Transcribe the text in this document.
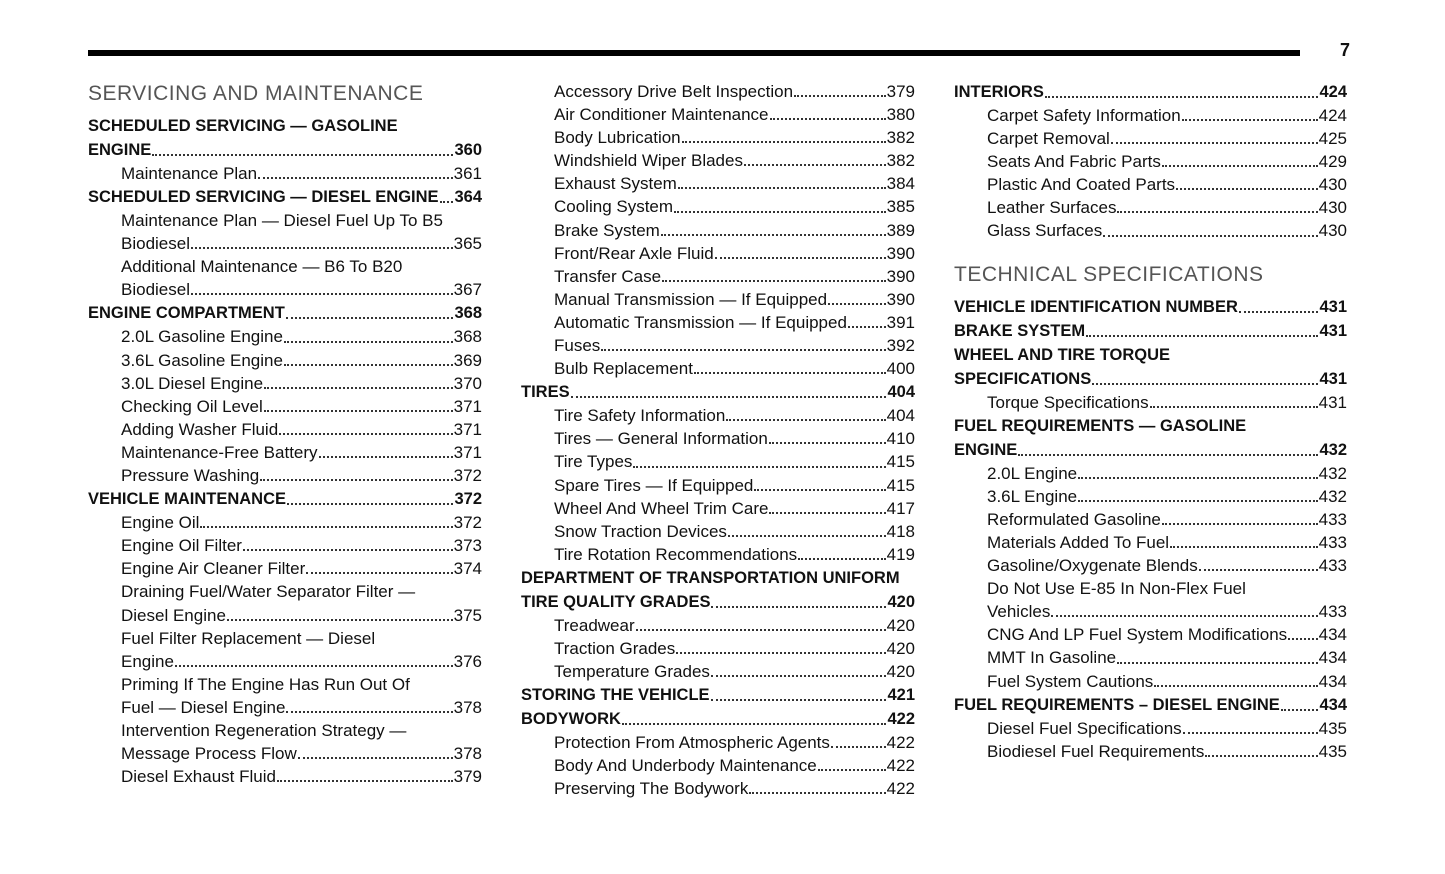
7
SERVICING AND MAINTENANCE
SCHEDULED SERVICING — GASOLINE
ENGINE	360
Maintenance Plan	361
SCHEDULED SERVICING — DIESEL ENGINE 364
Maintenance Plan — Diesel Fuel Up To B5
Biodiesel	365
Additional Maintenance — B6 To B20
Biodiesel	367
ENGINE COMPARTMENT	368
2.0L Gasoline Engine	368
3.6L Gasoline Engine	369
3.0L Diesel Engine	370
Checking Oil Level	371
Adding Washer Fluid	371
Maintenance-Free Battery	371
Pressure Washing	372
VEHICLE MAINTENANCE	372
Engine Oil	372
Engine Oil Filter	373
Engine Air Cleaner Filter	374
Draining Fuel/Water Separator Filter —
Diesel Engine	375
Fuel Filter Replacement — Diesel
Engine	376
Priming If The Engine Has Run Out Of
Fuel — Diesel Engine	378
Intervention Regeneration Strategy —
Message Process Flow	378
Diesel Exhaust Fluid	379
Accessory Drive Belt Inspection	379
Air Conditioner Maintenance	380
Body Lubrication	382
Windshield Wiper Blades	382
Exhaust System	384
Cooling System	385
Brake System	389
Front/Rear Axle Fluid	390
Transfer Case	390
Manual Transmission — If Equipped	390
Automatic Transmission — If Equipped 391
Fuses	392
Bulb Replacement	400
TIRES	404
Tire Safety Information	404
Tires — General Information	410
Tire Types	415
Spare Tires — If Equipped	415
Wheel And Wheel Trim Care	417
Snow Traction Devices	418
Tire Rotation Recommendations	419
DEPARTMENT OF TRANSPORTATION UNIFORM
TIRE QUALITY GRADES	420
Treadwear	420
Traction Grades	420
Temperature Grades	420
STORING THE VEHICLE	421
BODYWORK	422
Protection From Atmospheric Agents	422
Body And Underbody Maintenance	422
Preserving The Bodywork	422
INTERIORS	424
Carpet Safety Information	424
Carpet Removal	425
Seats And Fabric Parts	429
Plastic And Coated Parts	430
Leather Surfaces	430
Glass Surfaces	430
TECHNICAL SPECIFICATIONS
VEHICLE IDENTIFICATION NUMBER	431
BRAKE SYSTEM	431
WHEEL AND TIRE TORQUE
SPECIFICATIONS	431
Torque Specifications	431
FUEL REQUIREMENTS — GASOLINE
ENGINE	432
2.0L Engine	432
3.6L Engine	432
Reformulated Gasoline	433
Materials Added To Fuel	433
Gasoline/Oxygenate Blends	433
Do Not Use E-85 In Non-Flex Fuel
Vehicles	433
CNG And LP Fuel System Modifications 434
MMT In Gasoline	434
Fuel System Cautions	434
FUEL REQUIREMENTS – DIESEL ENGINE 434
Diesel Fuel Specifications	435
Biodiesel Fuel Requirements	435
